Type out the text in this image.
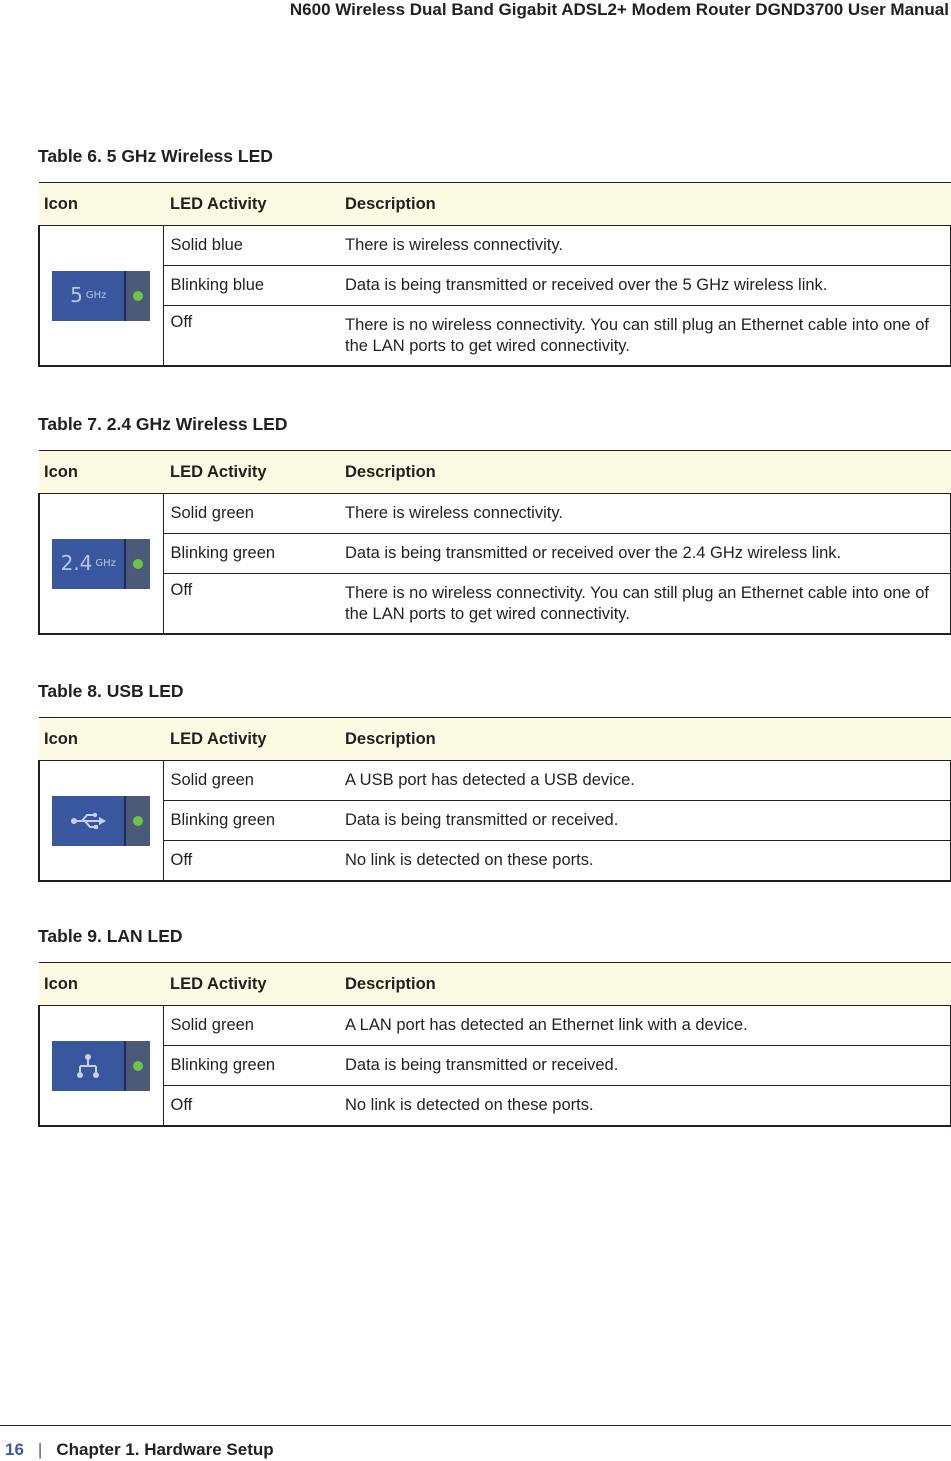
N600 Wireless Dual Band Gigabit ADSL2+ Modem Router DGND3700 User Manual
Table 6. 5 GHz Wireless LED
Icon	LED Activity	Description

5 GHz	Solid blue	There is wireless connectivity.
	Blinking blue	Data is being transmitted or received over the 5 GHz wireless link.
	Off	There is no wireless connectivity. You can still plug an Ethernet cable into one of the LAN ports to get wired connectivity.
Table 7. 2.4 GHz Wireless LED
Icon	LED Activity	Description

2.4 GHz	Solid green	There is wireless connectivity.
	Blinking green	Data is being transmitted or received over the 2.4 GHz wireless link.
	Off	There is no wireless connectivity. You can still plug an Ethernet cable into one of the LAN ports to get wired connectivity.
Table 8. USB LED
Icon	LED Activity	Description

	Solid green	A USB port has detected a USB device.
	Blinking green	Data is being transmitted or received.
	Off	No link is detected on these ports.
Table 9. LAN LED
Icon	LED Activity	Description

	Solid green	A LAN port has detected an Ethernet link with a device.
	Blinking green	Data is being transmitted or received.
	Off	No link is detected on these ports.
16 | Chapter 1. Hardware Setup
